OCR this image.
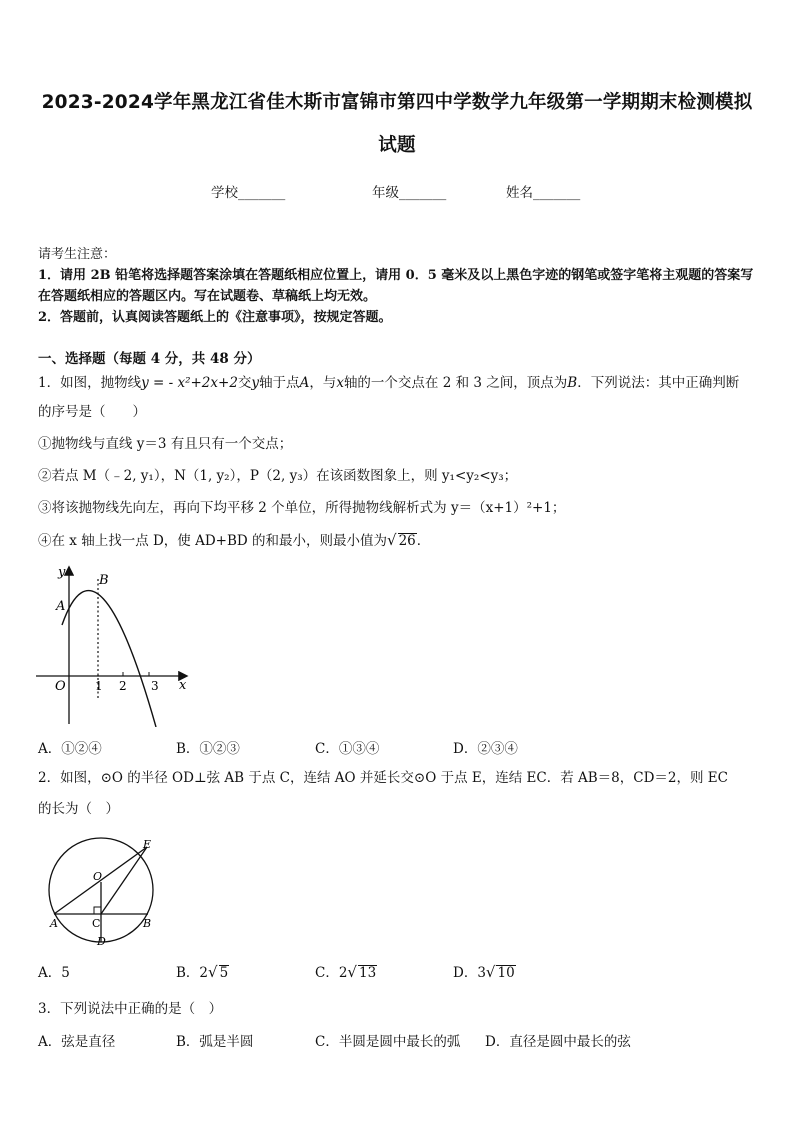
2023-2024学年黑龙江省佳木斯市富锦市第四中学数学九年级第一学期期末检测模拟
试题
学校_______	年级_______	姓名_______
请考生注意：
1．请用 2B 铅笔将选择题答案涂填在答题纸相应位置上，请用 0．5 毫米及以上黑色字迹的钢笔或签字笔将主观题的答案写在答题纸相应的答题区内。写在试题卷、草稿纸上均无效。
2．答题前，认真阅读答题纸上的《注意事项》，按规定答题。
一、选择题（每题 4 分，共 48 分）
1．如图，抛物线y = - x²+2x+2交y轴于点A，与x轴的一个交点在 2 和 3 之间，顶点为B．下列说法：其中正确判断
的序号是（　　）
①抛物线与直线 y＝3 有且只有一个交点；
②若点 M（﹣2, y₁），N（1, y₂），P（2, y₃）在该函数图象上，则 y₁<y₂<y₃；
③将该抛物线先向左，再向下均平移 2 个单位，所得抛物线解析式为 y＝（x+1）²+1；
④在 x 轴上找一点 D，使 AD+BD 的和最小，则最小值为√ 26．
y
x
O
A
B
1 2 3
A．①②④	B．①②③	C．①③④	D．②③④
2．如图，⊙O 的半径 OD⊥弦 AB 于点 C，连结 AO 并延长交⊙O 于点 E，连结 EC．若 AB＝8，CD＝2，则 EC
的长为（　）
E
O
A	C	B
D
A．5	B．2√ 5	C．2√ 13	D．3√ 10
3．下列说法中正确的是（　）
A．弦是直径	B．弧是半圆	C．半圆是圆中最长的弧 D．直径是圆中最长的弦
